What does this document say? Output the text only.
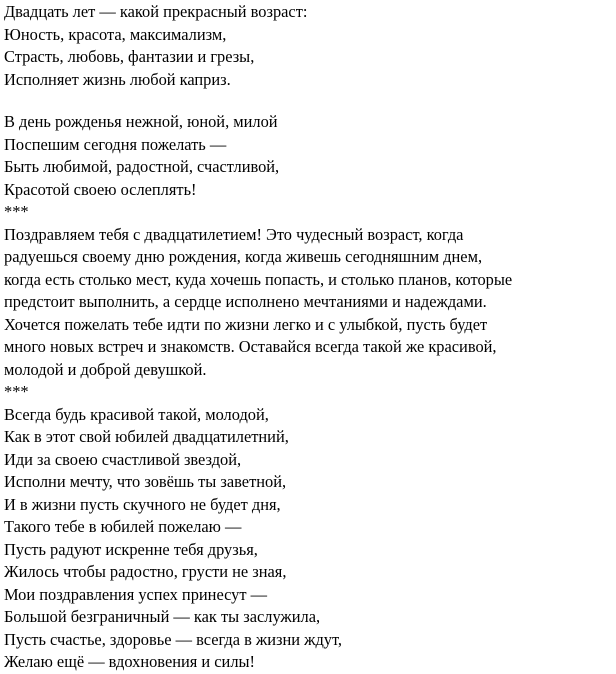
Двадцать лет — какой прекрасный возраст:
Юность, красота, максимализм,
Страсть, любовь, фантазии и грезы,
Исполняет жизнь любой каприз.
В день рожденья нежной, юной, милой
Поспешим сегодня пожелать —
Быть любимой, радостной, счастливой,
Красотой своею ослеплять!
***
Поздравляем тебя с двадцатилетием! Это чудесный возраст, когда
радуешься своему дню рождения, когда живешь сегодняшним днем,
когда есть столько мест, куда хочешь попасть, и столько планов, которые
предстоит выполнить, а сердце исполнено мечтаниями и надеждами.
Хочется пожелать тебе идти по жизни легко и с улыбкой, пусть будет
много новых встреч и знакомств. Оставайся всегда такой же красивой,
молодой и доброй девушкой.
***
Всегда будь красивой такой, молодой,
Как в этот свой юбилей двадцатилетний,
Иди за своею счастливой звездой,
Исполни мечту, что зовёшь ты заветной,
И в жизни пусть скучного не будет дня,
Такого тебе в юбилей пожелаю —
Пусть радуют искренне тебя друзья,
Жилось чтобы радостно, грусти не зная,
Мои поздравления успех принесут —
Большой безграничный — как ты заслужила,
Пусть счастье, здоровье — всегда в жизни ждут,
Желаю ещё — вдохновения и силы!
